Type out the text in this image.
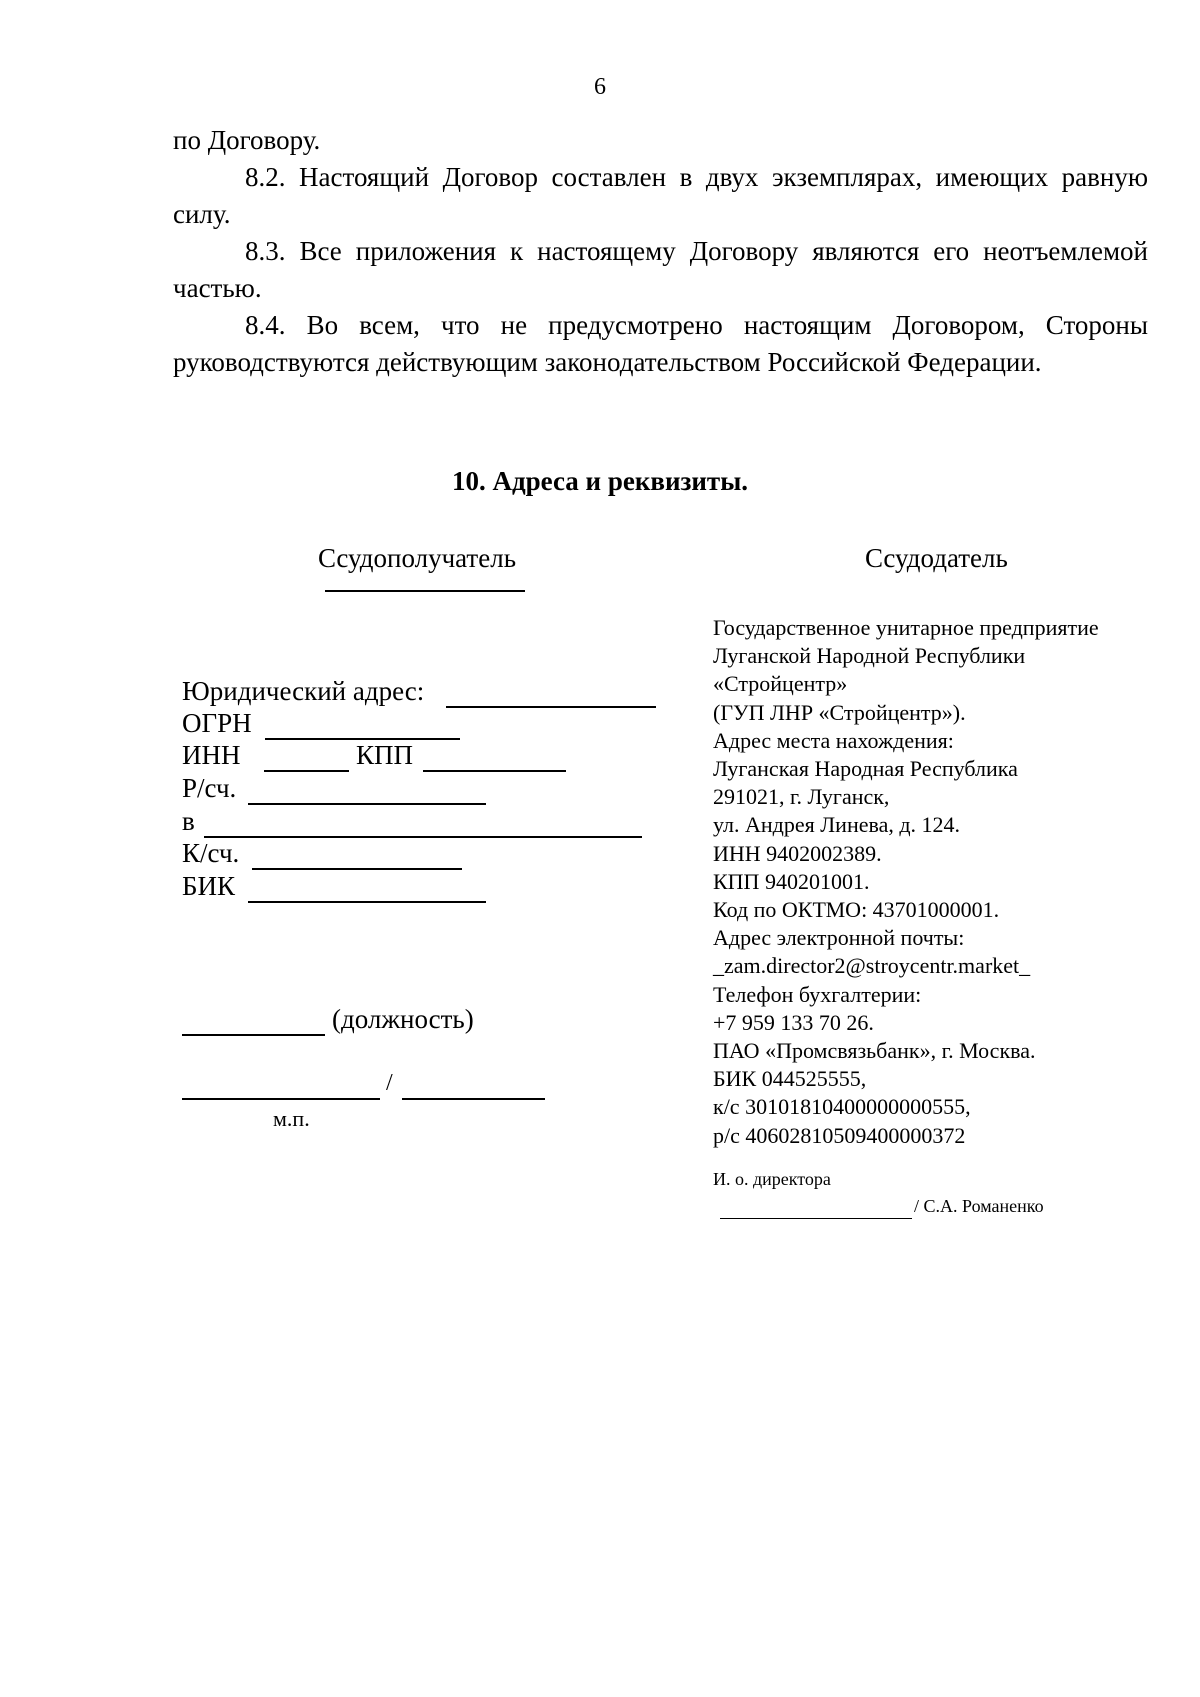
6

по Договору.

8.2. Настоящий Договор составлен в двух экземплярах, имеющих равную силу.

8.3. Все приложения к настоящему Договору являются его неотъемлемой частью.

8.4. Во всем, что не предусмотрено настоящим Договором, Стороны руководствуются действующим законодательством Российской Федерации.

10. Адреса и реквизиты.
Ссудополучатель
Юридический адрес:
ОГРН
ИНН	КПП
Р/сч.
в
К/сч.
БИК
(должность)
/
м.п.
Ссудодатель
Государственное унитарное предприятие
Луганской Народной Республики
«Стройцентр»
(ГУП ЛНР «Стройцентр»).
Адрес места нахождения:
Луганская Народная Республика
291021, г. Луганск,
ул. Андрея Линева, д. 124.
ИНН 9402002389.
КПП 940201001.
Код по ОКТМО: 43701000001.
Адрес электронной почты:
_zam.director2@stroycentr.market_
Телефон бухгалтерии:
+7 959 133 70 26.
ПАО «Промсвязьбанк», г. Москва.
БИК 044525555,
к/с 30101810400000000555,
р/с 40602810509400000372
И. о. директора
/ С.А. Романенко
